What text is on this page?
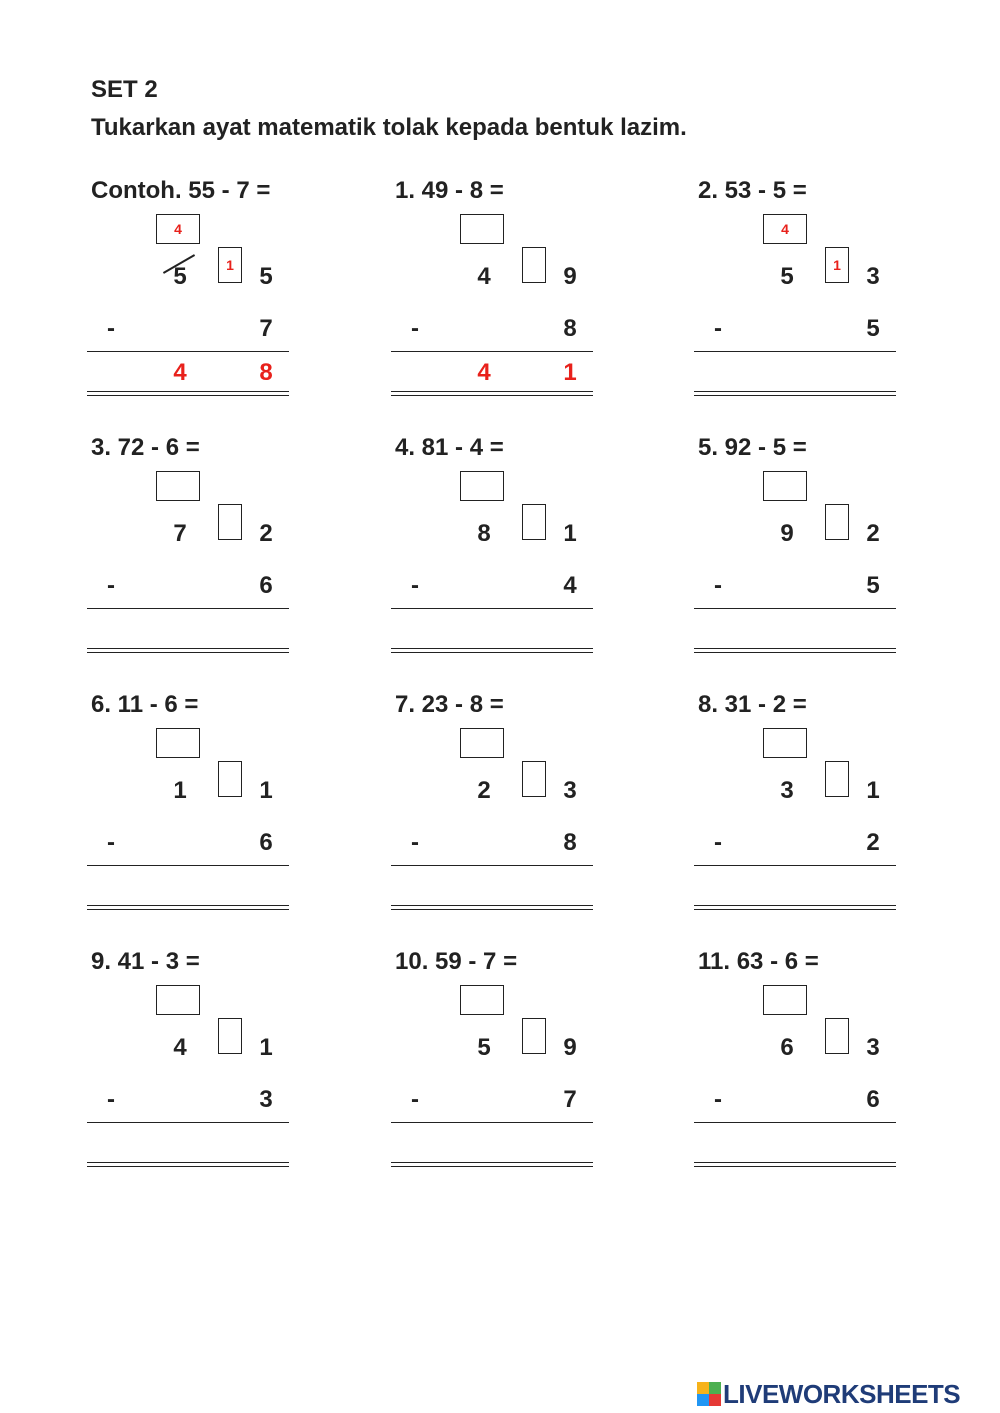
SET 2
Tukarkan ayat matematik tolak kepada bentuk lazim.
Contoh. 55 - 7 =
4
1
5	5
-	7
4	8
1. 49 - 8 =
4	9
-	8
4	1
2. 53 - 5 =
4
1
5	3
-	5
3. 72 - 6 =
7	2
-	6
4. 81 - 4 =
8	1
-	4
5. 92 - 5 =
9	2
-	5
6. 11 - 6 =
1	1
-	6
7. 23 - 8 =
2	3
-	8
8. 31 - 2 =
3	1
-	2
9. 41 - 3 =
4	1
-	3
10. 59 - 7 =
5	9
-	7
11. 63 - 6 =
6	3
-	6
LIVEWORKSHEETS
